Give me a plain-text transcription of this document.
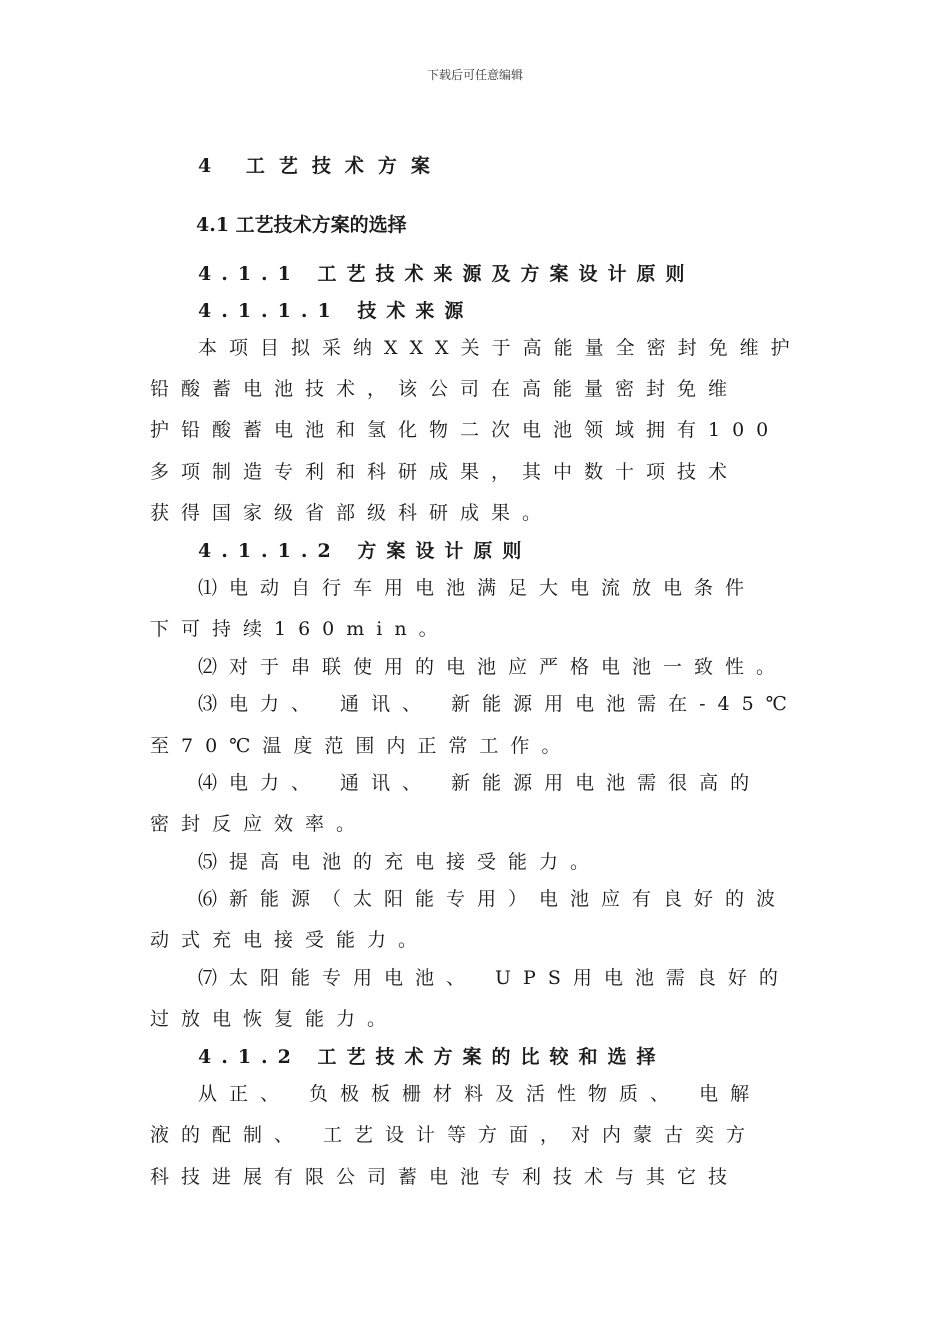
下载后可任意编辑
4 工艺技术方案
4.1 工艺技术方案的选择
4.1.1 工艺技术来源及方案设计原则
4.1.1.1 技术来源
本项目拟采纳XXX关于高能量全密封免维护
铅酸蓄电池技术，该公司在高能量密封免维
护铅酸蓄电池和氢化物二次电池领域拥有100
多项制造专利和科研成果，其中数十项技术
获得国家级省部级科研成果。
4.1.1.2 方案设计原则
⑴电动自行车用电池满足大电流放电条件
下可持续160min。
⑵对于串联使用的电池应严格电池一致性。
⑶电力、 通讯、 新能源用电池需在-45℃
至70℃温度范围内正常工作。
⑷电力、 通讯、 新能源用电池需很高的
密封反应效率。
⑸提高电池的充电接受能力。
⑹新能源（太阳能专用）电池应有良好的波
动式充电接受能力。
⑺太阳能专用电池、 UPS用电池需良好的
过放电恢复能力。
4.1.2 工艺技术方案的比较和选择
从正、 负极板栅材料及活性物质、 电解
液的配制、 工艺设计等方面，对内蒙古奕方
科技进展有限公司蓄电池专利技术与其它技
